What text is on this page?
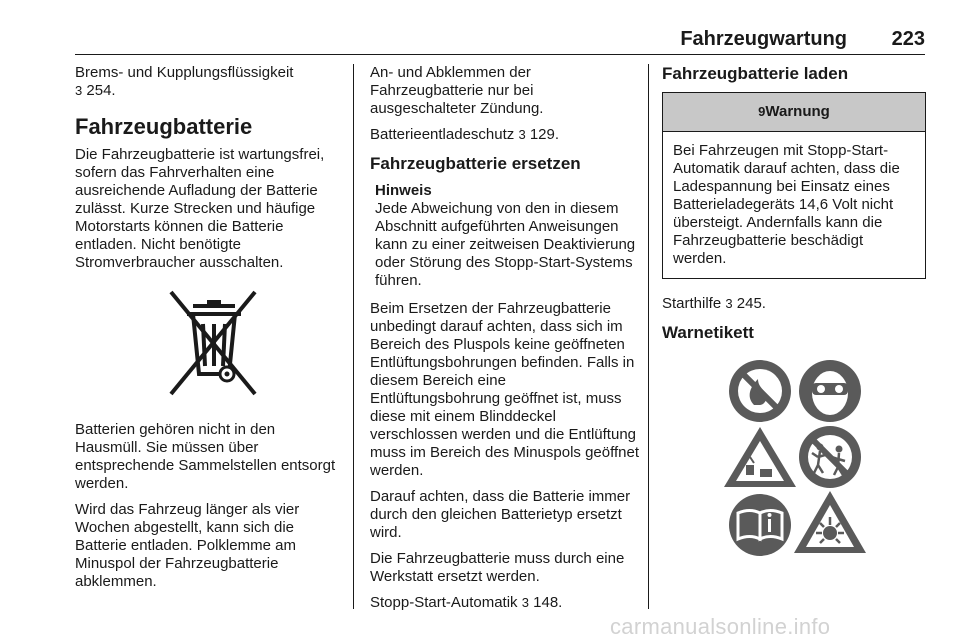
Fahrzeugwartung 223

Brems- und Kupplungsflüssigkeit
3 254.

Fahrzeugbatterie

Die Fahrzeugbatterie ist wartungsfrei, sofern das Fahrverhalten eine ausreichende Aufladung der Batterie zulässt. Kurze Strecken und häufige Motorstarts können die Batterie entladen. Nicht benötigte Stromverbraucher ausschalten.

Batterien gehören nicht in den Hausmüll. Sie müssen über entsprechende Sammelstellen entsorgt werden.

Wird das Fahrzeug länger als vier Wochen abgestellt, kann sich die Batterie entladen. Polklemme am Minuspol der Fahrzeugbatterie abklemmen.

An- und Abklemmen der Fahrzeugbatterie nur bei ausgeschalteter Zündung.

Batterieentladeschutz 3 129.

Fahrzeugbatterie ersetzen
Hinweis
Jede Abweichung von den in diesem Abschnitt aufgeführten Anweisungen kann zu einer zeitweisen Deaktivierung oder Störung des Stopp-Start-Systems führen.

Beim Ersetzen der Fahrzeugbatterie unbedingt darauf achten, dass sich im Bereich des Pluspols keine geöffneten Entlüftungsbohrungen befinden. Falls in diesem Bereich eine Entlüftungsbohrung geöffnet ist, muss diese mit einem Blinddeckel verschlossen werden und die Entlüftung muss im Bereich des Minuspols geöffnet werden.

Darauf achten, dass die Batterie immer durch den gleichen Batterietyp ersetzt wird.

Die Fahrzeugbatterie muss durch eine Werkstatt ersetzt werden.

Stopp-Start-Automatik 3 148.

Fahrzeugbatterie laden
9Warnung
Bei Fahrzeugen mit Stopp-Start-Automatik darauf achten, dass die Ladespannung bei Einsatz eines Batterieladegeräts 14,6 Volt nicht übersteigt. Andernfalls kann die Fahrzeugbatterie beschädigt werden.

Starthilfe 3 245.

Warnetikett
carmanualsonline.info
